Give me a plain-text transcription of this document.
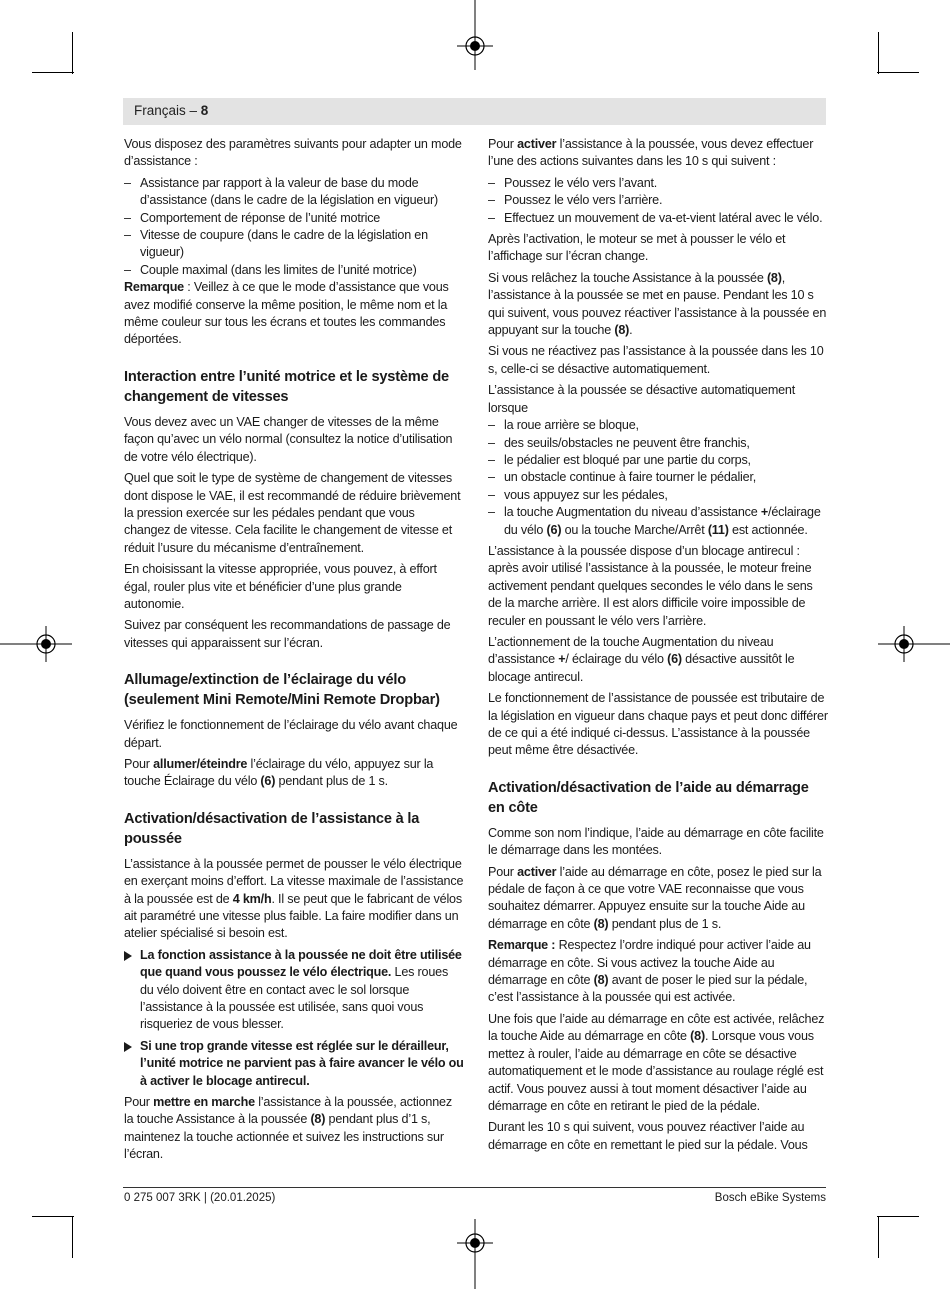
Français – 8

Vous disposez des paramètres suivants pour adapter un mode d’assistance :

– Assistance par rapport à la valeur de base du mode d’assistance (dans le cadre de la législation en vigueur)
– Comportement de réponse de l’unité motrice
– Vitesse de coupure (dans le cadre de la législation en vigueur)
– Couple maximal (dans les limites de l’unité motrice)

Remarque : Veillez à ce que le mode d’assistance que vous avez modifié conserve la même position, le même nom et la même couleur sur tous les écrans et toutes les commandes déportées.

Interaction entre l’unité motrice et le système de changement de vitesses

Vous devez avec un VAE changer de vitesses de la même façon qu’avec un vélo normal (consultez la notice d’utilisation de votre vélo électrique).

Quel que soit le type de système de changement de vitesses dont dispose le VAE, il est recommandé de réduire brièvement la pression exercée sur les pédales pendant que vous changez de vitesse. Cela facilite le changement de vitesse et réduit l’usure du mécanisme d’entraînement.

En choisissant la vitesse appropriée, vous pouvez, à effort égal, rouler plus vite et bénéficier d’une plus grande autonomie.

Suivez par conséquent les recommandations de passage de vitesses qui apparaissent sur l’écran.

Allumage/extinction de l’éclairage du vélo (seulement Mini Remote/Mini Remote Dropbar)

Vérifiez le fonctionnement de l’éclairage du vélo avant chaque départ.

Pour allumer/éteindre l’éclairage du vélo, appuyez sur la touche Éclairage du vélo (6) pendant plus de 1 s.

Activation/désactivation de l’assistance à la poussée

L’assistance à la poussée permet de pousser le vélo électrique en exerçant moins d’effort. La vitesse maximale de l’assistance à la poussée est de 4 km/h. Il se peut que le fabricant de vélos ait paramétré une vitesse plus faible. La faire modifier dans un atelier spécialisé si besoin est.

La fonction assistance à la poussée ne doit être utilisée que quand vous poussez le vélo électrique. Les roues du vélo doivent être en contact avec le sol lorsque l’assistance à la poussée est utilisée, sans quoi vous risqueriez de vous blesser.
Si une trop grande vitesse est réglée sur le dérailleur, l’unité motrice ne parvient pas à faire avancer le vélo ou à activer le blocage antirecul.

Pour mettre en marche l’assistance à la poussée, actionnez la touche Assistance à la poussée (8) pendant plus d’1 s, maintenez la touche actionnée et suivez les instructions sur l’écran.

Pour activer l’assistance à la poussée, vous devez effectuer l’une des actions suivantes dans les 10 s qui suivent :

– Poussez le vélo vers l’avant.
– Poussez le vélo vers l’arrière.
– Effectuez un mouvement de va-et-vient latéral avec le vélo.

Après l’activation, le moteur se met à pousser le vélo et l’affichage sur l’écran change.

Si vous relâchez la touche Assistance à la poussée (8), l’assistance à la poussée se met en pause. Pendant les 10 s qui suivent, vous pouvez réactiver l’assistance à la poussée en appuyant sur la touche (8).

Si vous ne réactivez pas l’assistance à la poussée dans les 10 s, celle-ci se désactive automatiquement.

L’assistance à la poussée se désactive automatiquement lorsque

– la roue arrière se bloque,
– des seuils/obstacles ne peuvent être franchis,
– le pédalier est bloqué par une partie du corps,
– un obstacle continue à faire tourner le pédalier,
– vous appuyez sur les pédales,
– la touche Augmentation du niveau d’assistance +/éclairage du vélo (6) ou la touche Marche/Arrêt (11) est actionnée.

L’assistance à la poussée dispose d’un blocage antirecul : après avoir utilisé l’assistance à la poussée, le moteur freine activement pendant quelques secondes le vélo dans le sens de la marche arrière. Il est alors difficile voire impossible de reculer en poussant le vélo vers l’arrière.

L’actionnement de la touche Augmentation du niveau d’assistance +/ éclairage du vélo (6) désactive aussitôt le blocage antirecul.

Le fonctionnement de l’assistance de poussée est tributaire de la législation en vigueur dans chaque pays et peut donc différer de ce qui a été indiqué ci-dessus. L’assistance à la poussée peut même être désactivée.

Activation/désactivation de l’aide au démarrage en côte

Comme son nom l’indique, l’aide au démarrage en côte facilite le démarrage dans les montées.

Pour activer l’aide au démarrage en côte, posez le pied sur la pédale de façon à ce que votre VAE reconnaisse que vous souhaitez démarrer. Appuyez ensuite sur la touche Aide au démarrage en côte (8) pendant plus de 1 s.

Remarque : Respectez l’ordre indiqué pour activer l’aide au démarrage en côte. Si vous activez la touche Aide au démarrage en côte (8) avant de poser le pied sur la pédale, c’est l’assistance à la poussée qui est activée.

Une fois que l’aide au démarrage en côte est activée, relâchez la touche Aide au démarrage en côte (8). Lorsque vous vous mettez à rouler, l’aide au démarrage en côte se désactive automatiquement et le mode d’assistance au roulage réglé est actif. Vous pouvez aussi à tout moment désactiver l’aide au démarrage en côte en retirant le pied de la pédale.

Durant les 10 s qui suivent, vous pouvez réactiver l’aide au démarrage en côte en remettant le pied sur la pédale. Vous

0 275 007 3RK | (20.01.2025)	Bosch eBike Systems
